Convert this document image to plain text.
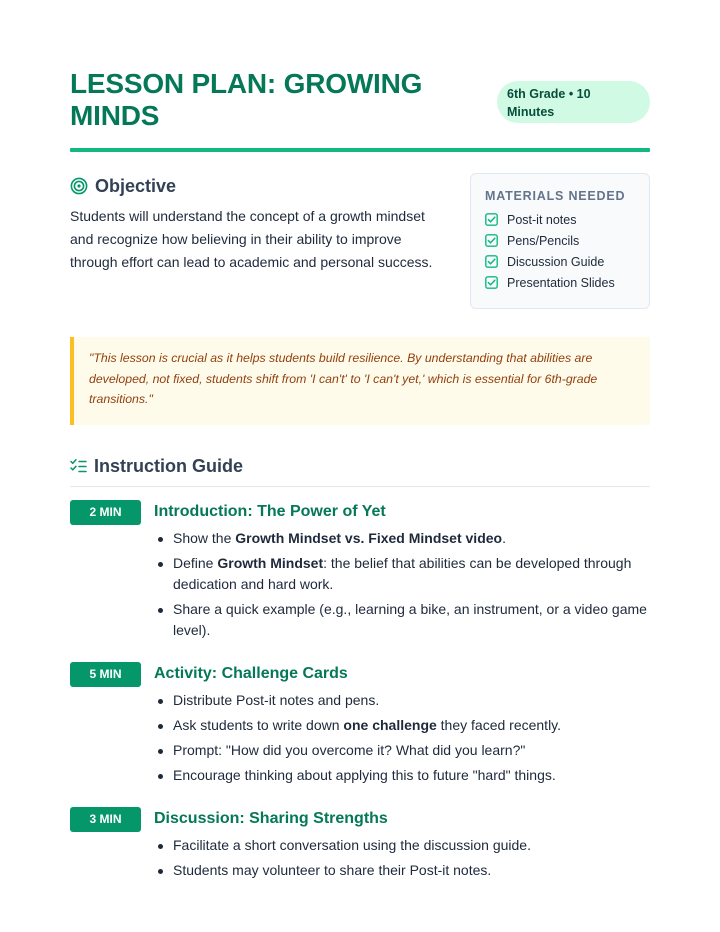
LESSON PLAN: GROWING MINDS
6th Grade • 10 Minutes
Objective

Students will understand the concept of a growth mindset and recognize how believing in their ability to improve through effort can lead to academic and personal success.

MATERIALS NEEDED
Post-it notes
Pens/Pencils
Discussion Guide
Presentation Slides
"This lesson is crucial as it helps students build resilience. By understanding that abilities are developed, not fixed, students shift from 'I can't' to 'I can't yet,' which is essential for 6th-grade transitions."
Instruction Guide
2 MIN	Introduction: The Power of Yet
Show the Growth Mindset vs. Fixed Mindset video.
Define Growth Mindset: the belief that abilities can be developed through dedication and hard work.
Share a quick example (e.g., learning a bike, an instrument, or a video game level).
5 MIN	Activity: Challenge Cards
Distribute Post-it notes and pens.
Ask students to write down one challenge they faced recently.
Prompt: "How did you overcome it? What did you learn?"
Encourage thinking about applying this to future "hard" things.
3 MIN	Discussion: Sharing Strengths
Facilitate a short conversation using the discussion guide.
Students may volunteer to share their Post-it notes.
